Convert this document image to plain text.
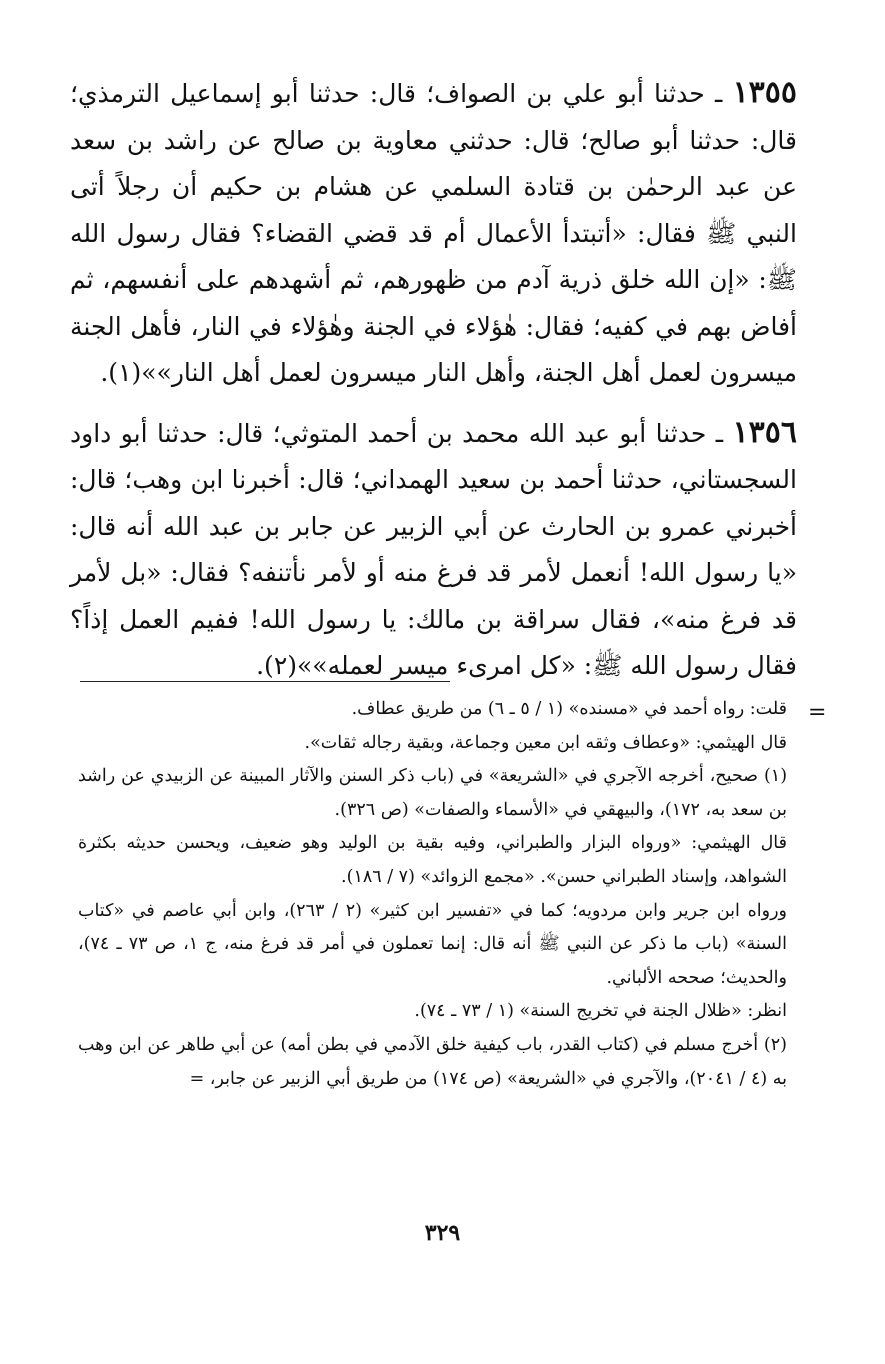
١٣٥٥ ـ حدثنا أبو علي بن الصواف؛ قال: حدثنا أبو إسماعيل الترمذي؛ قال: حدثنا أبو صالح؛ قال: حدثني معاوية بن صالح عن راشد بن سعد عن عبد الرحمٰن بن قتادة السلمي عن هشام بن حكيم أن رجلاً أتى النبي ﷺ فقال: «أتبتدأ الأعمال أم قد قضي القضاء؟ فقال رسول الله ﷺ: «إن الله خلق ذرية آدم من ظهورهم، ثم أشهدهم على أنفسهم، ثم أفاض بهم في كفيه؛ فقال: هٰؤلاء في الجنة وهٰؤلاء في النار، فأهل الجنة ميسرون لعمل أهل الجنة، وأهل النار ميسرون لعمل أهل النار»»(١).

١٣٥٦ ـ حدثنا أبو عبد الله محمد بن أحمد المتوثي؛ قال: حدثنا أبو داود السجستاني، حدثنا أحمد بن سعيد الهمداني؛ قال: أخبرنا ابن وهب؛ قال: أخبرني عمرو بن الحارث عن أبي الزبير عن جابر بن عبد الله أنه قال: «يا رسول الله! أنعمل لأمر قد فرغ منه أو لأمر نأتنفه؟ فقال: «بل لأمر قد فرغ منه»، فقال سراقة بن مالك: يا رسول الله! ففيم العمل إذاً؟ فقال رسول الله ﷺ: «كل امرىء ميسر لعمله»»(٢).

=

قلت: رواه أحمد في «مسنده» (١ / ٥ ـ ٦) من طريق عطاف.

قال الهيثمي: «وعطاف وثقه ابن معين وجماعة، وبقية رجاله ثقات».

(١) صحيح، أخرجه الآجري في «الشريعة» في (باب ذكر السنن والآثار المبينة عن الزبيدي عن راشد بن سعد به، ١٧٢)، والبيهقي في «الأسماء والصفات» (ص ٣٢٦).

قال الهيثمي: «ورواه البزار والطبراني، وفيه بقية بن الوليد وهو ضعيف، ويحسن حديثه بكثرة الشواهد، وإسناد الطبراني حسن». «مجمع الزوائد» (٧ / ١٨٦).

ورواه ابن جرير وابن مردويه؛ كما في «تفسير ابن كثير» (٢ / ٢٦٣)، وابن أبي عاصم في «كتاب السنة» (باب ما ذكر عن النبي ﷺ أنه قال: إنما تعملون في أمر قد فرغ منه، ج ١، ص ٧٣ ـ ٧٤)، والحديث؛ صححه الألباني.

انظر: «ظلال الجنة في تخريج السنة» (١ / ٧٣ ـ ٧٤).

(٢) أخرج مسلم في (كتاب القدر، باب كيفية خلق الآدمي في بطن أمه) عن أبي طاهر عن ابن وهب به (٤ / ٢٠٤١)، والآجري في «الشريعة» (ص ١٧٤) من طريق أبي الزبير عن جابر، =

٣٢٩
